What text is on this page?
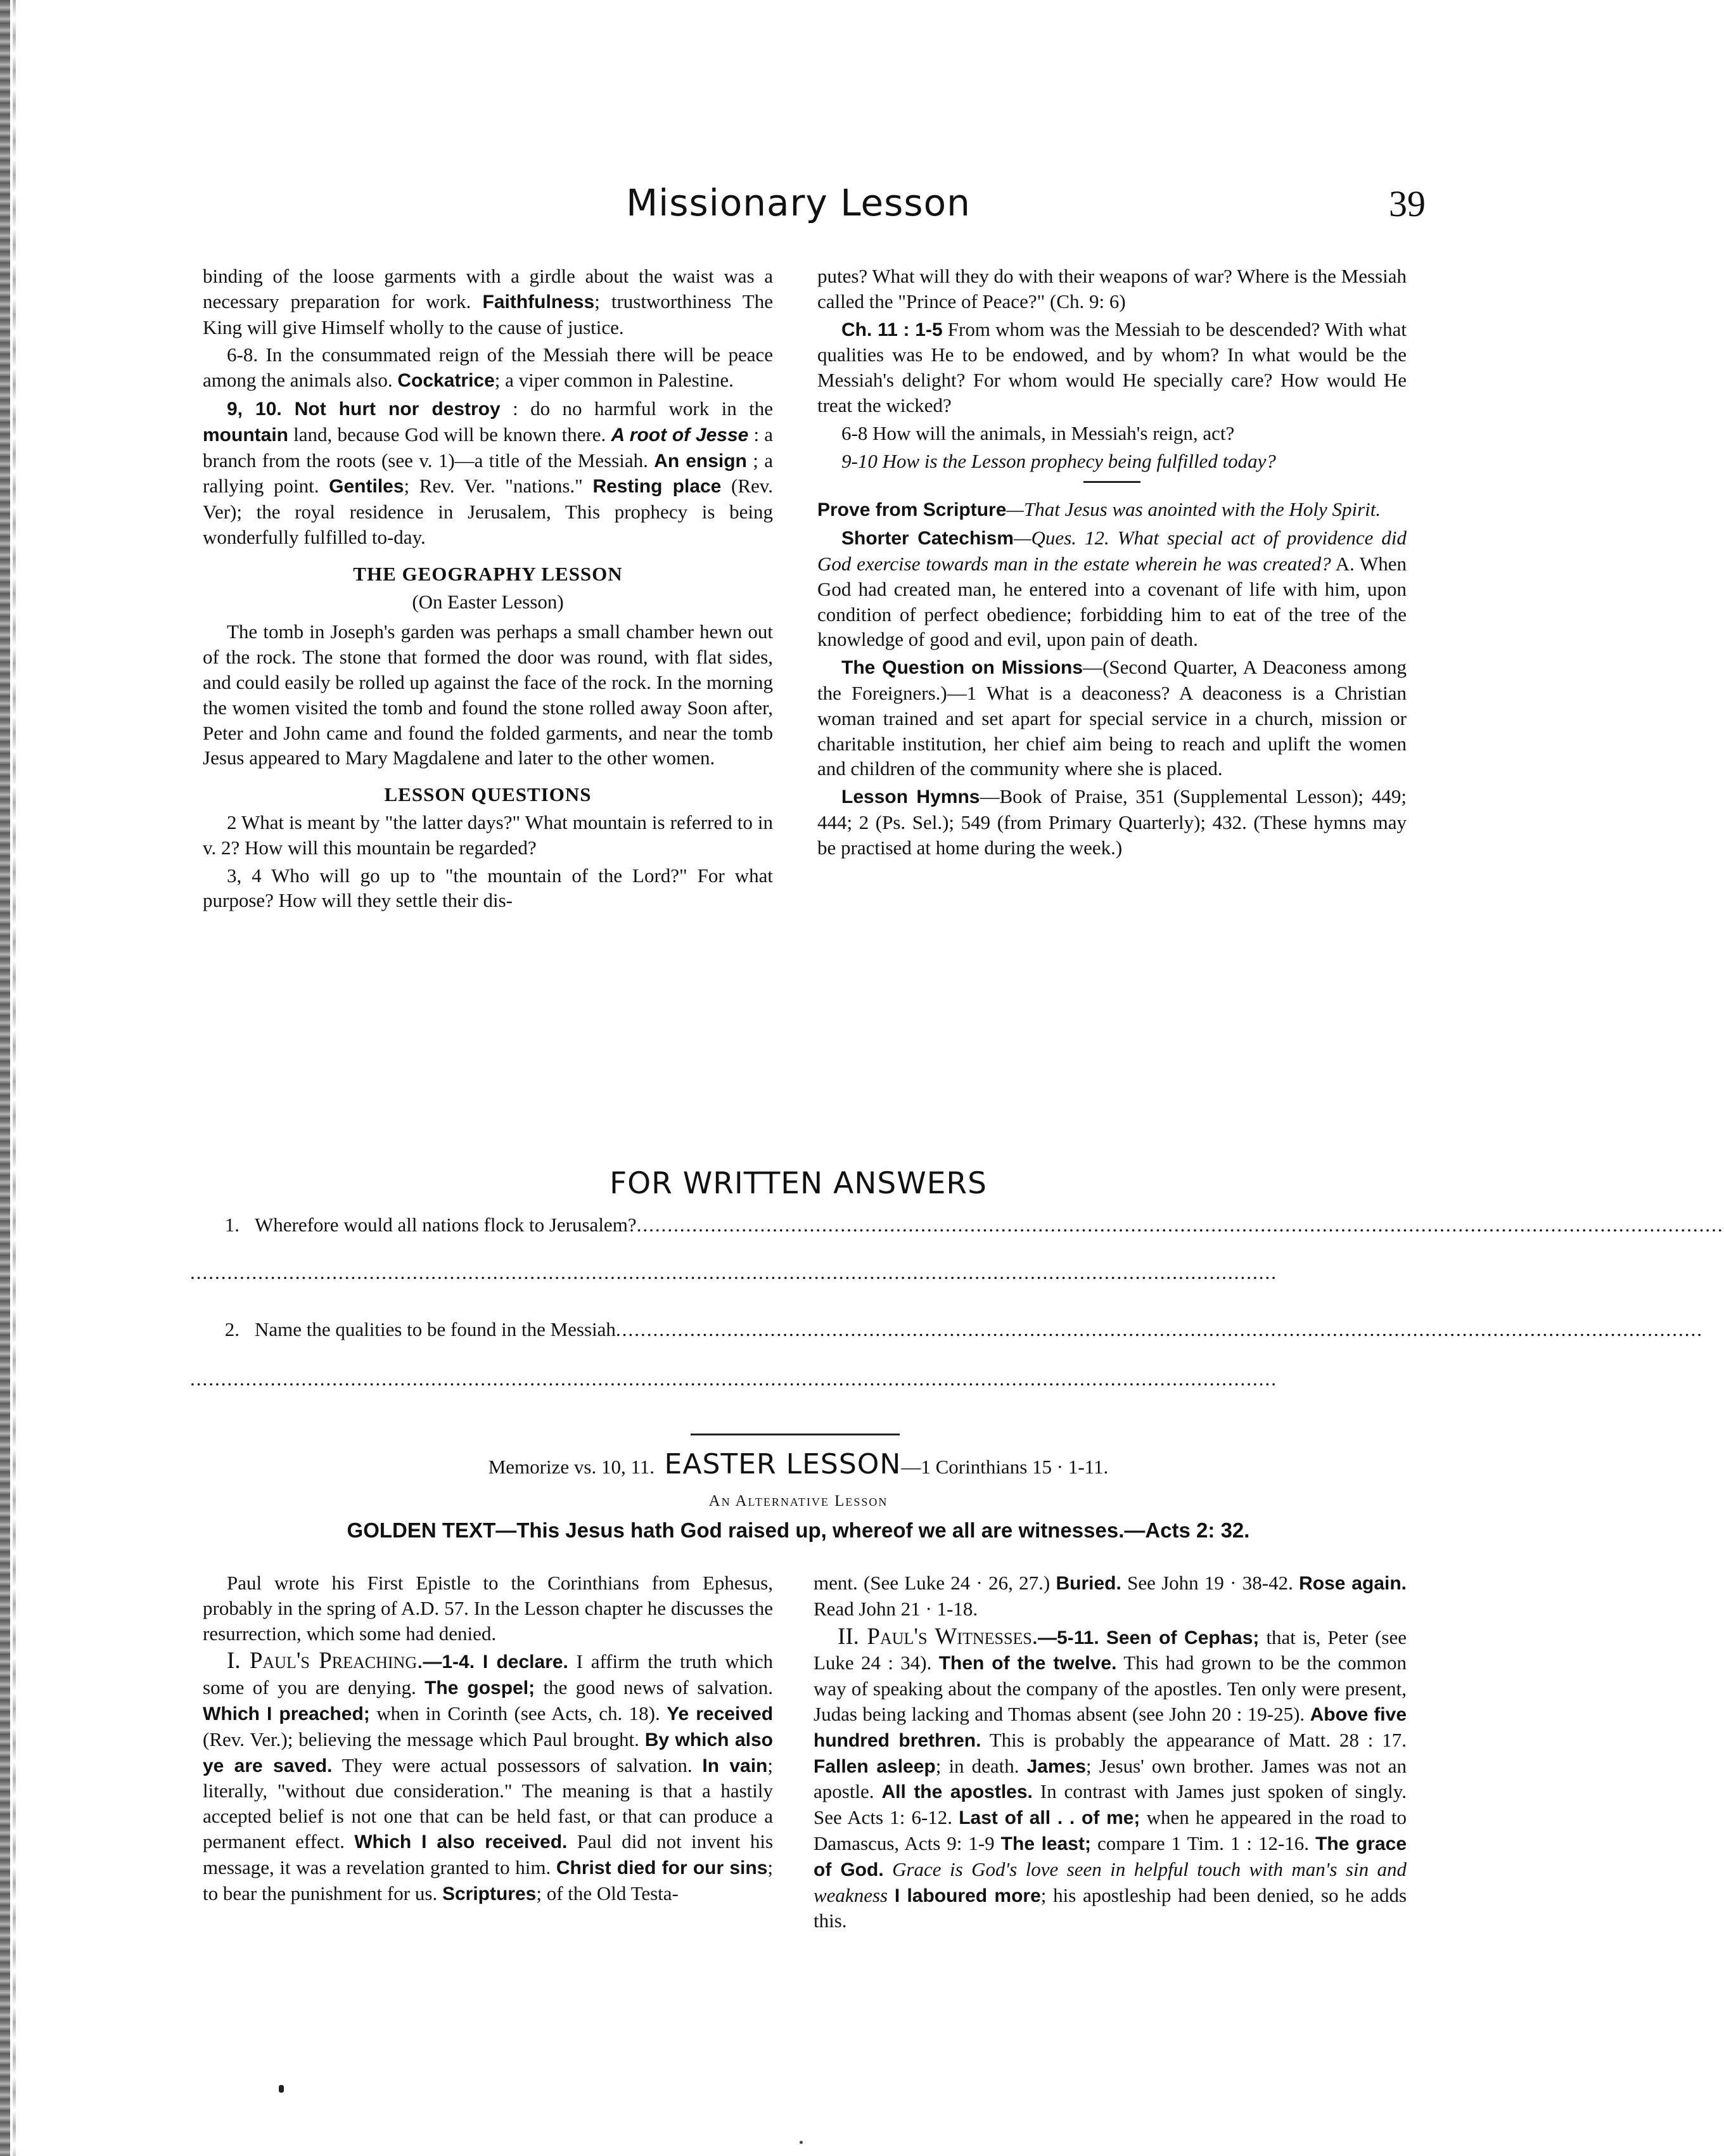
Missionary Lesson	39

binding of the loose garments with a girdle about the waist was a necessary preparation for work. Faithfulness; trustworthiness The King will give Himself wholly to the cause of justice.

6-8. In the consummated reign of the Messiah there will be peace among the animals also. Cockatrice; a viper common in Palestine.

9, 10. Not hurt nor destroy : do no harmful work in the mountain land, because God will be known there. A root of Jesse : a branch from the roots (see v. 1)—a title of the Messiah. An ensign ; a rallying point. Gentiles; Rev. Ver. "nations." Resting place (Rev. Ver); the royal residence in Jerusalem, This prophecy is being wonderfully fulfilled to-day.

THE GEOGRAPHY LESSON
(On Easter Lesson)

The tomb in Joseph's garden was perhaps a small chamber hewn out of the rock. The stone that formed the door was round, with flat sides, and could easily be rolled up against the face of the rock. In the morning the women visited the tomb and found the stone rolled away Soon after, Peter and John came and found the folded garments, and near the tomb Jesus appeared to Mary Magdalene and later to the other women.

LESSON QUESTIONS

2 What is meant by "the latter days?" What mountain is referred to in v. 2? How will this mountain be regarded?

3, 4 Who will go up to "the mountain of the Lord?" For what purpose? How will they settle their dis-

putes? What will they do with their weapons of war? Where is the Messiah called the "Prince of Peace?" (Ch. 9: 6)

Ch. 11 : 1-5 From whom was the Messiah to be descended? With what qualities was He to be endowed, and by whom? In what would be the Messiah's delight? For whom would He specially care? How would He treat the wicked?

6-8 How will the animals, in Messiah's reign, act?

9-10 How is the Lesson prophecy being fulfilled today?

Prove from Scripture—That Jesus was anointed with the Holy Spirit.

Shorter Catechism—Ques. 12. What special act of providence did God exercise towards man in the estate wherein he was created? A. When God had created man, he entered into a covenant of life with him, upon condition of perfect obedience; forbidding him to eat of the tree of the knowledge of good and evil, upon pain of death.

The Question on Missions—(Second Quarter, A Deaconess among the Foreigners.)—1 What is a deaconess? A deaconess is a Christian woman trained and set apart for special service in a church, mission or charitable institution, her chief aim being to reach and uplift the women and children of the community where she is placed.

Lesson Hymns—Book of Praise, 351 (Supplemental Lesson); 449; 444; 2 (Ps. Sel.); 549 (from Primary Quarterly); 432. (These hymns may be practised at home during the week.)

FOR WRITTEN ANSWERS
1. Wherefore would all nations flock to Jerusalem?................................................................................................................................................................................
................................................................................................................................................................................
2. Name the qualities to be found in the Messiah................................................................................................................................................................................
................................................................................................................................................................................
Memorize vs. 10, 11. EASTER LESSON—1 Corinthians 15 · 1-11.
An Alternative Lesson
GOLDEN TEXT—This Jesus hath God raised up, whereof we all are witnesses.—Acts 2: 32.

Paul wrote his First Epistle to the Corinthians from Ephesus, probably in the spring of A.D. 57. In the Lesson chapter he discusses the resurrection, which some had denied.

I. Paul's Preaching.—1-4. I declare. I affirm the truth which some of you are denying. The gospel; the good news of salvation. Which I preached; when in Corinth (see Acts, ch. 18). Ye received (Rev. Ver.); believing the message which Paul brought. By which also ye are saved. They were actual possessors of salvation. In vain; literally, "without due consideration." The meaning is that a hastily accepted belief is not one that can be held fast, or that can produce a permanent effect. Which I also received. Paul did not invent his message, it was a revelation granted to him. Christ died for our sins; to bear the punishment for us. Scriptures; of the Old Testa-

ment. (See Luke 24 · 26, 27.) Buried. See John 19 · 38-42. Rose again. Read John 21 · 1-18.

II. Paul's Witnesses.—5-11. Seen of Cephas; that is, Peter (see Luke 24 : 34). Then of the twelve. This had grown to be the common way of speaking about the company of the apostles. Ten only were present, Judas being lacking and Thomas absent (see John 20 : 19-25). Above five hundred brethren. This is probably the appearance of Matt. 28 : 17. Fallen asleep; in death. James; Jesus' own brother. James was not an apostle. All the apostles. In contrast with James just spoken of singly. See Acts 1: 6-12. Last of all . . of me; when he appeared in the road to Damascus, Acts 9: 1-9 The least; compare 1 Tim. 1 : 12-16. The grace of God. Grace is God's love seen in helpful touch with man's sin and weakness I laboured more; his apostleship had been denied, so he adds this.
